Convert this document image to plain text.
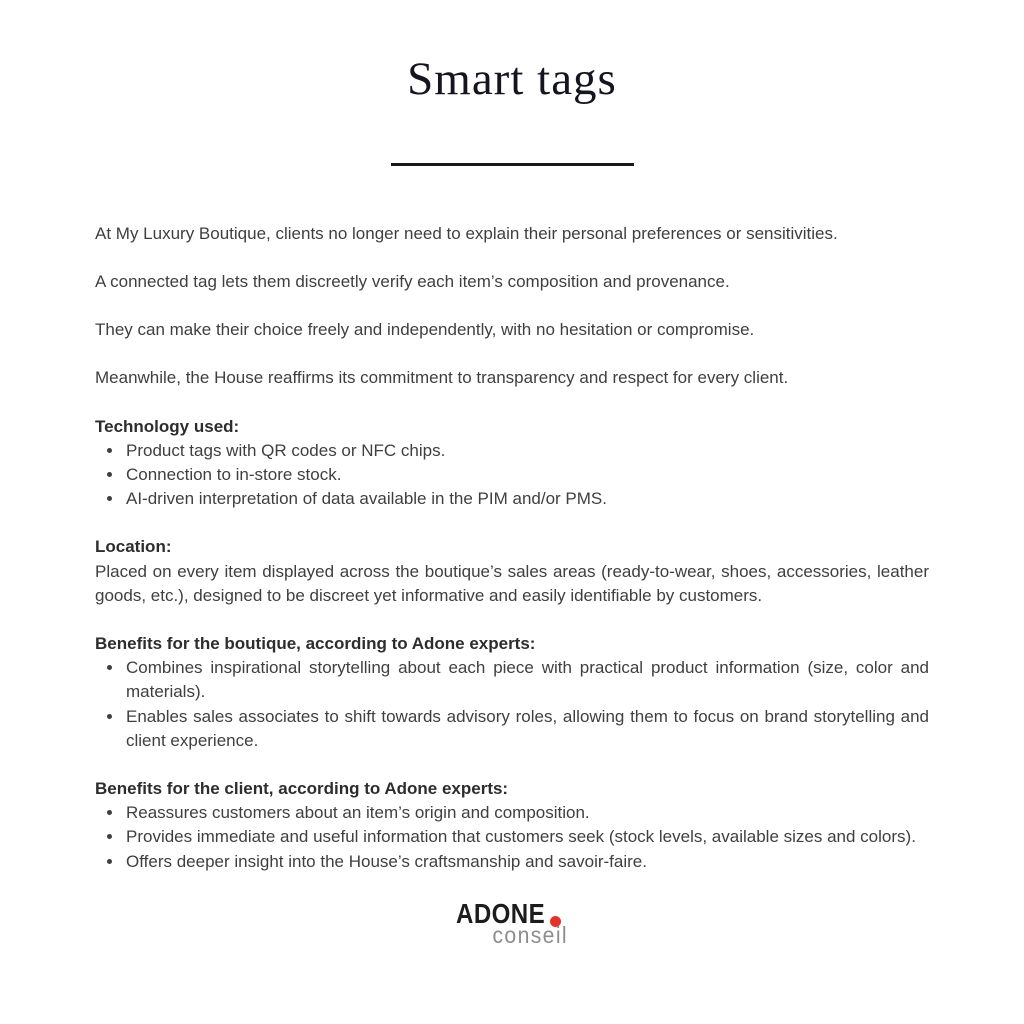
Smart tags

At My Luxury Boutique, clients no longer need to explain their personal preferences or sensitivities.

A connected tag lets them discreetly verify each item’s composition and provenance.

They can make their choice freely and independently, with no hesitation or compromise.

Meanwhile, the House reaffirms its commitment to transparency and respect for every client.

Technology used:

• Product tags with QR codes or NFC chips.
• Connection to in-store stock.
• AI-driven interpretation of data available in the PIM and/or PMS.

Location:

Placed on every item displayed across the boutique’s sales areas (ready-to-wear, shoes, accessories, leather goods, etc.), designed to be discreet yet informative and easily identifiable by customers.

Benefits for the boutique, according to Adone experts:

• Combines inspirational storytelling about each piece with practical product information (size, color and materials).
• Enables sales associates to shift towards advisory roles, allowing them to focus on brand storytelling and client experience.

Benefits for the client, according to Adone experts:

• Reassures customers about an item’s origin and composition.
• Provides immediate and useful information that customers seek (stock levels, available sizes and colors).
• Offers deeper insight into the House’s craftsmanship and savoir-faire.
ADONE
conseil
